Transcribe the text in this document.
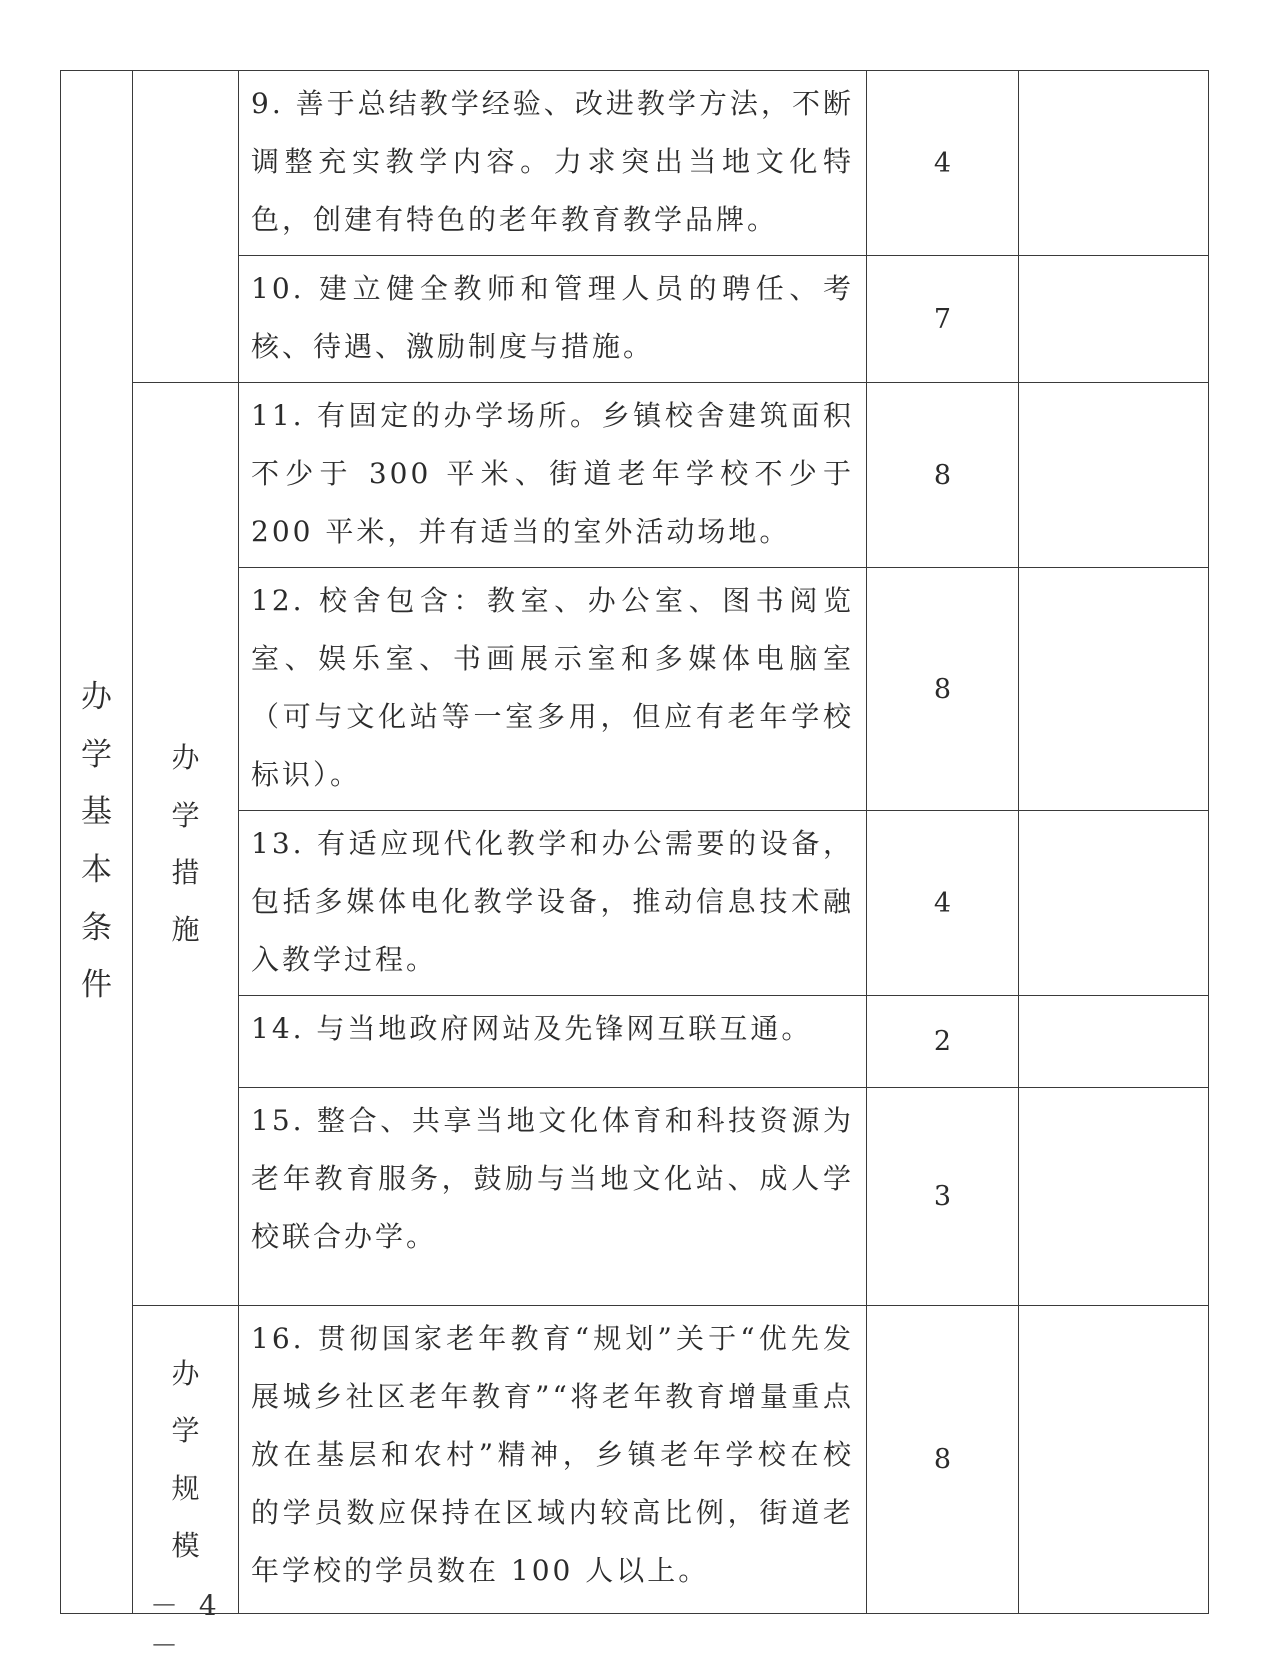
办学基本条件		9. 善于总结教学经验、改进教学方法，不断调整充实教学内容。力求突出当地文化特色，创建有特色的老年教育教学品牌。	4	

		10. 建立健全教师和管理人员的聘任、考核、待遇、激励制度与措施。	7	
	办学措施	11. 有固定的办学场所。乡镇校舍建筑面积不少于 300 平米、街道老年学校不少于 200 平米，并有适当的室外活动场地。	8	

		12. 校舍包含：教室、办公室、图书阅览室、娱乐室、书画展示室和多媒体电脑室（可与文化站等一室多用，但应有老年学校标识）。	8	

		13. 有适应现代化教学和办公需要的设备，包括多媒体电化教学设备，推动信息技术融入教学过程。	4	

		14. 与当地政府网站及先锋网互联互通。	2	

		15. 整合、共享当地文化体育和科技资源为老年教育服务，鼓励与当地文化站、成人学校联合办学。	3	
	办学规模	16. 贯彻国家老年教育“规划”关于“优先发展城乡社区老年教育”“将老年教育增量重点放在基层和农村”精神，乡镇老年学校在校的学员数应保持在区域内较高比例，街道老年学校的学员数在 100 人以上。	8	
－ 4 －
